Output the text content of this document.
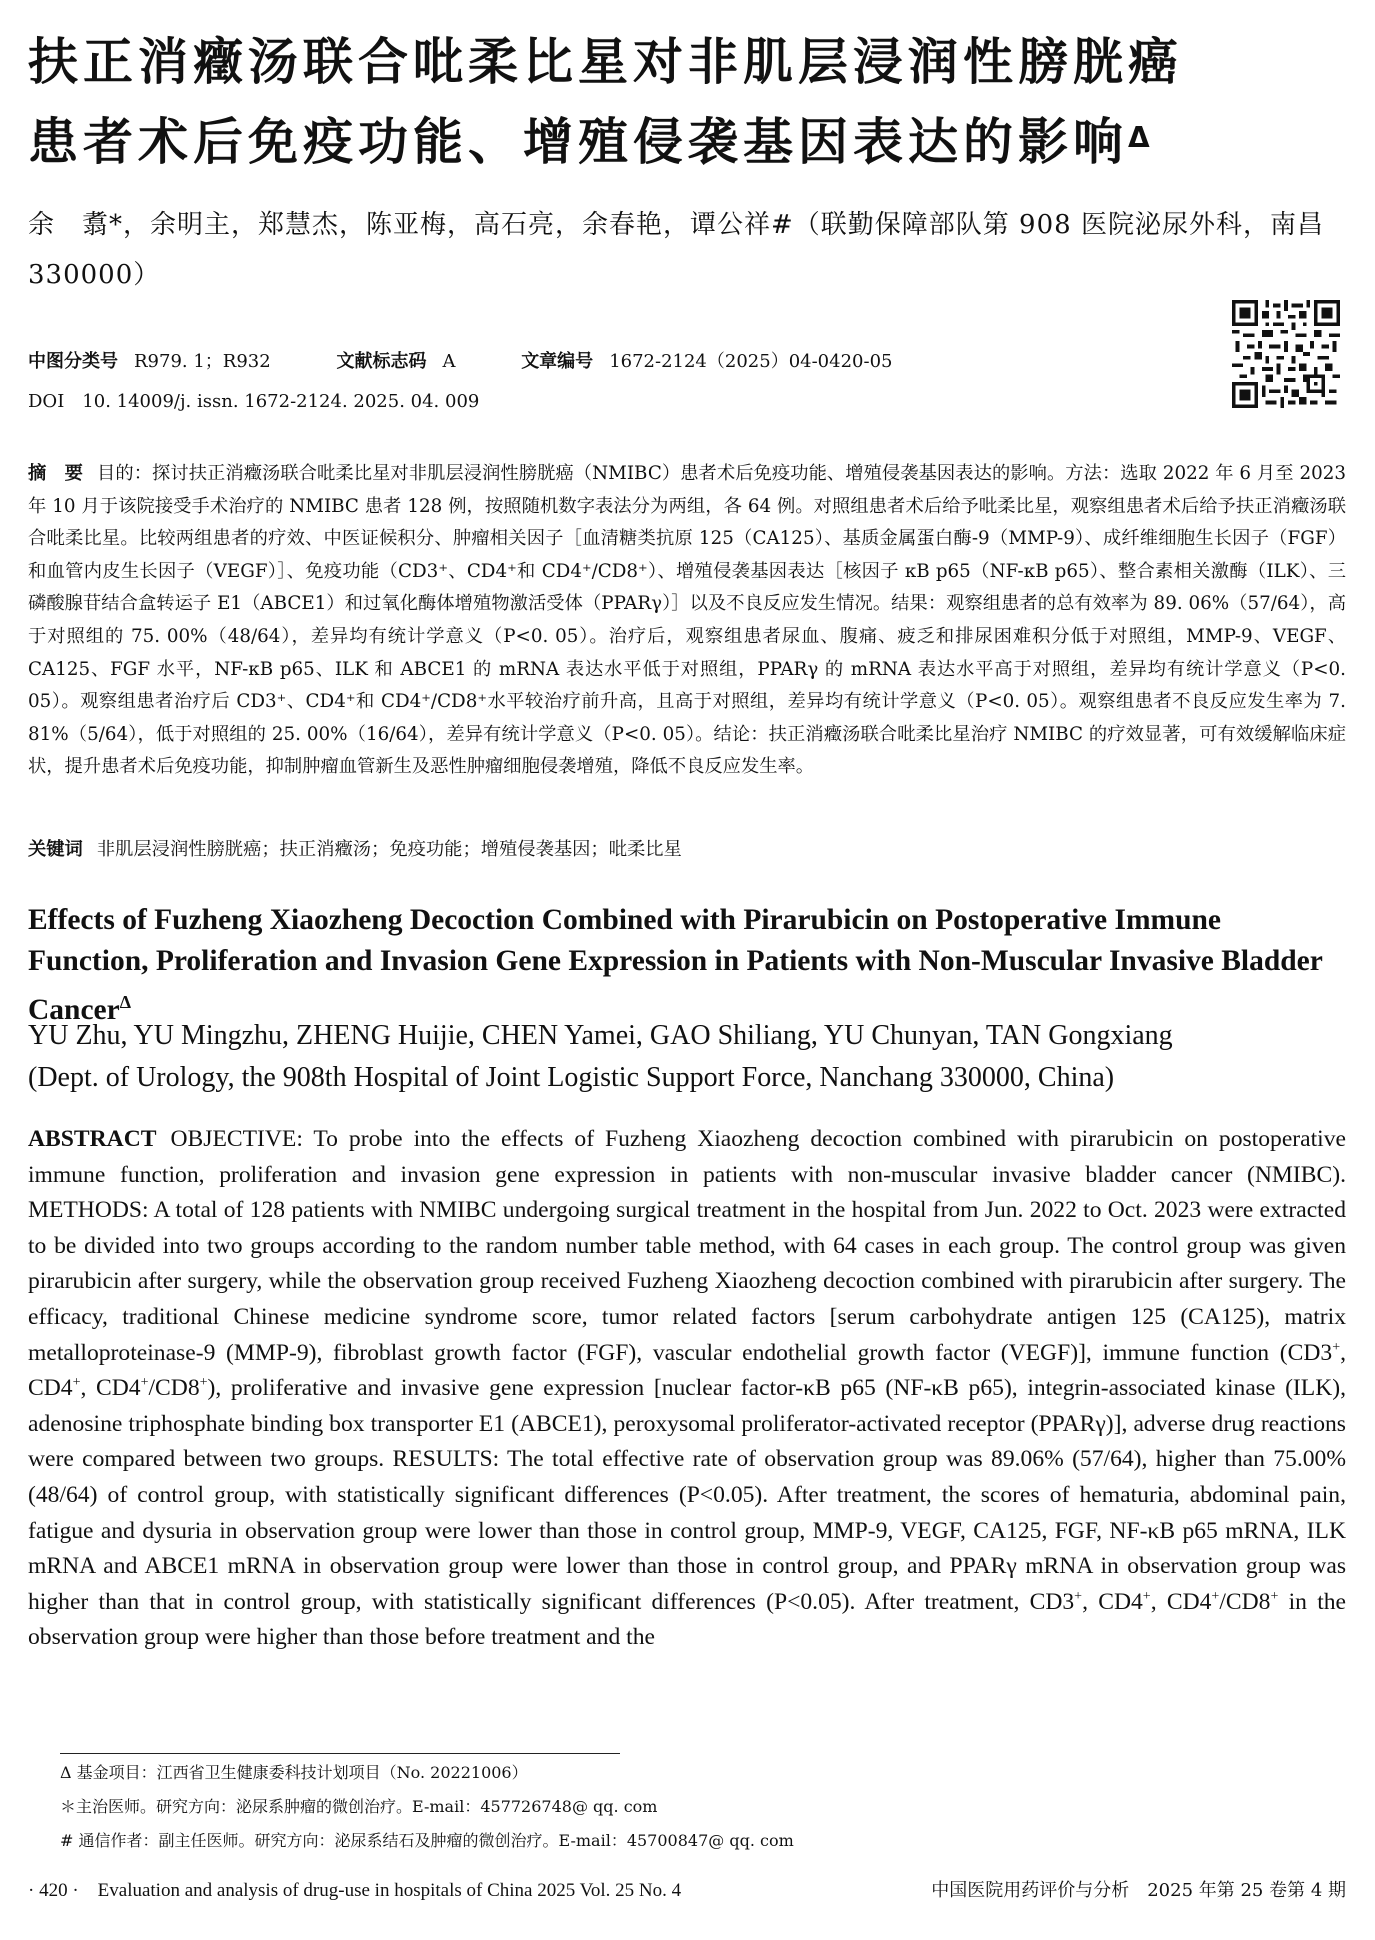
扶正消癥汤联合吡柔比星对非肌层浸润性膀胱癌
患者术后免疫功能、增殖侵袭基因表达的影响$^\Delta$
余　翥*，余明主，郑慧杰，陈亚梅，高石亮，余春艳，谭公祥#（联勤保障部队第 908 医院泌尿外科，南昌 330000）
中图分类号 R979. 1；R932	文献标志码 A	文章编号 1672-2124（2025）04-0420-05
DOI　10. 14009/j. issn. 1672-2124. 2025. 04. 009
摘　要 目的：探讨扶正消癥汤联合吡柔比星对非肌层浸润性膀胱癌（NMIBC）患者术后免疫功能、增殖侵袭基因表达的影响。方法：选取 2022 年 6 月至 2023 年 10 月于该院接受手术治疗的 NMIBC 患者 128 例，按照随机数字表法分为两组，各 64 例。对照组患者术后给予吡柔比星，观察组患者术后给予扶正消癥汤联合吡柔比星。比较两组患者的疗效、中医证候积分、肿瘤相关因子［血清糖类抗原 125（CA125）、基质金属蛋白酶-9（MMP-9）、成纤维细胞生长因子（FGF）和血管内皮生长因子（VEGF）］、免疫功能（CD3⁺、CD4⁺和 CD4⁺/CD8⁺）、增殖侵袭基因表达［核因子 κB p65（NF-κB p65）、整合素相关激酶（ILK）、三磷酸腺苷结合盒转运子 E1（ABCE1）和过氧化酶体增殖物激活受体（PPARγ）］以及不良反应发生情况。结果：观察组患者的总有效率为 89. 06%（57/64），高于对照组的 75. 00%（48/64），差异均有统计学意义（P<0. 05）。治疗后，观察组患者尿血、腹痛、疲乏和排尿困难积分低于对照组，MMP-9、VEGF、CA125、FGF 水平，NF-κB p65、ILK 和 ABCE1 的 mRNA 表达水平低于对照组，PPARγ 的 mRNA 表达水平高于对照组，差异均有统计学意义（P<0. 05）。观察组患者治疗后 CD3⁺、CD4⁺和 CD4⁺/CD8⁺水平较治疗前升高，且高于对照组，差异均有统计学意义（P<0. 05）。观察组患者不良反应发生率为 7. 81%（5/64），低于对照组的 25. 00%（16/64），差异有统计学意义（P<0. 05）。结论：扶正消癥汤联合吡柔比星治疗 NMIBC 的疗效显著，可有效缓解临床症状，提升患者术后免疫功能，抑制肿瘤血管新生及恶性肿瘤细胞侵袭增殖，降低不良反应发生率。
关键词 非肌层浸润性膀胱癌；扶正消癥汤；免疫功能；增殖侵袭基因；吡柔比星
Effects of Fuzheng Xiaozheng Decoction Combined with Pirarubicin on Postoperative Immune Function, Proliferation and Invasion Gene Expression in Patients with Non-Muscular Invasive Bladder Cancer$^\Delta$
YU Zhu, YU Mingzhu, ZHENG Huijie, CHEN Yamei, GAO Shiliang, YU Chunyan, TAN Gongxiang
(Dept. of Urology, the 908th Hospital of Joint Logistic Support Force, Nanchang 330000, China)
ABSTRACT OBJECTIVE: To probe into the effects of Fuzheng Xiaozheng decoction combined with pirarubicin on postoperative immune function, proliferation and invasion gene expression in patients with non-muscular invasive bladder cancer (NMIBC). METHODS: A total of 128 patients with NMIBC undergoing surgical treatment in the hospital from Jun. 2022 to Oct. 2023 were extracted to be divided into two groups according to the random number table method, with 64 cases in each group. The control group was given pirarubicin after surgery, while the observation group received Fuzheng Xiaozheng decoction combined with pirarubicin after surgery. The efficacy, traditional Chinese medicine syndrome score, tumor related factors [serum carbohydrate antigen 125 (CA125), matrix metalloproteinase-9 (MMP-9), fibroblast growth factor (FGF), vascular endothelial growth factor (VEGF)], immune function (CD3+, CD4+, CD4+/CD8+), proliferative and invasive gene expression [nuclear factor-κB p65 (NF-κB p65), integrin-associated kinase (ILK), adenosine triphosphate binding box transporter E1 (ABCE1), peroxysomal proliferator-activated receptor (PPARγ)], adverse drug reactions were compared between two groups. RESULTS: The total effective rate of observation group was 89.06% (57/64), higher than 75.00% (48/64) of control group, with statistically significant differences (P<0.05). After treatment, the scores of hematuria, abdominal pain, fatigue and dysuria in observation group were lower than those in control group, MMP-9, VEGF, CA125, FGF, NF-κB p65 mRNA, ILK mRNA and ABCE1 mRNA in observation group were lower than those in control group, and PPARγ mRNA in observation group was higher than that in control group, with statistically significant differences (P<0.05). After treatment, CD3+, CD4+, CD4+/CD8+ in the observation group were higher than those before treatment and the
Δ 基金项目：江西省卫生健康委科技计划项目（No. 20221006）
＊主治医师。研究方向：泌尿系肿瘤的微创治疗。E-mail：457726748@ qq. com
# 通信作者：副主任医师。研究方向：泌尿系结石及肿瘤的微创治疗。E-mail：45700847@ qq. com
· 420 ·　Evaluation and analysis of drug-use in hospitals of China 2025 Vol. 25 No. 4	中国医院用药评价与分析　2025 年第 25 卷第 4 期
